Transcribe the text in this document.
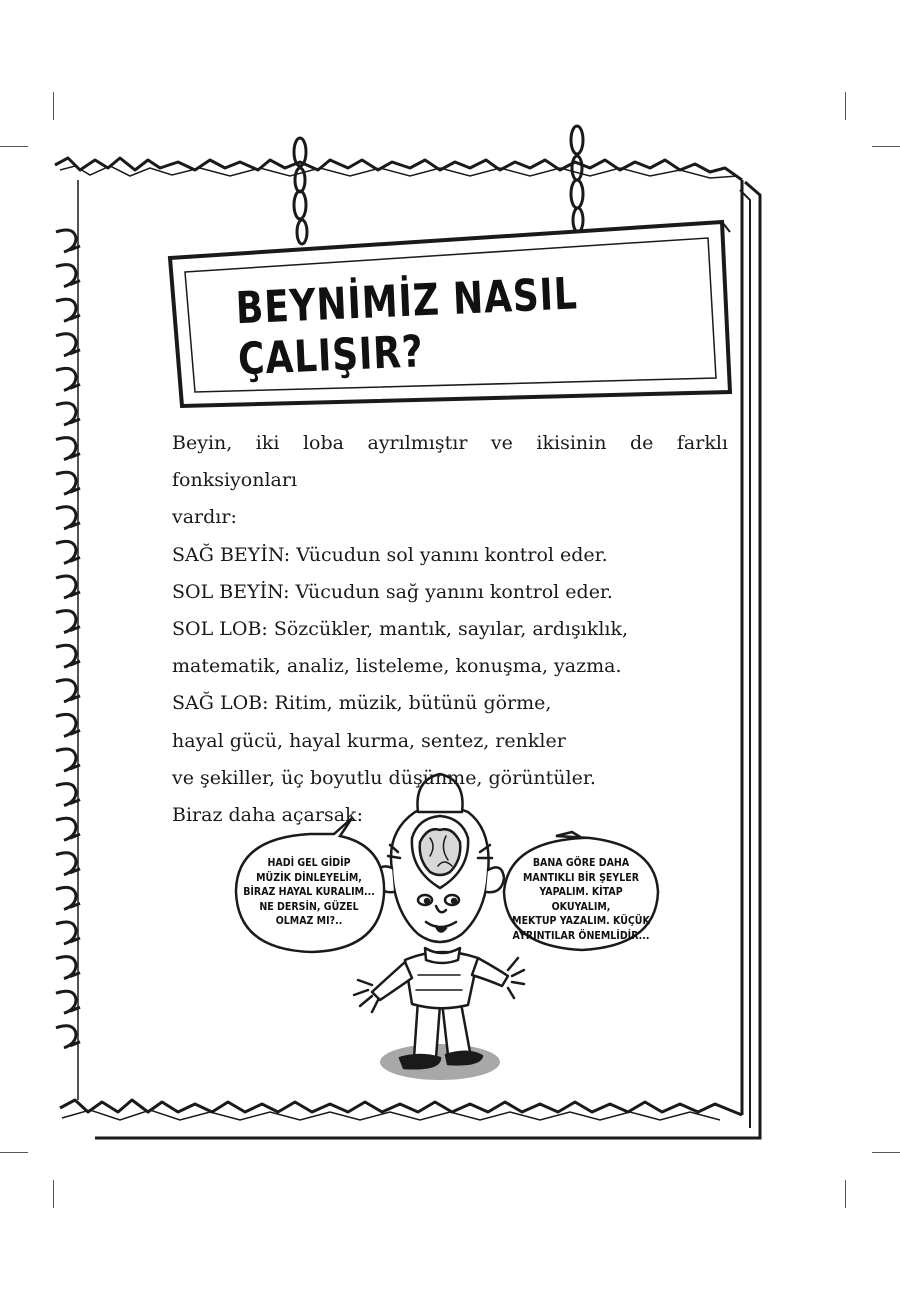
BEYNİMİZ NASIL ÇALIŞIR?

Beyin, iki loba ayrılmıştır ve ikisinin de farklı fonksiyonları

vardır:

SAĞ BEYİN: Vücudun sol yanını kontrol eder.

SOL BEYİN: Vücudun sağ yanını kontrol eder.

SOL LOB: Sözcükler, mantık, sayılar, ardışıklık,

matematik, analiz, listeleme, konuşma, yazma.

SAĞ LOB: Ritim, müzik, bütünü görme,

hayal gücü, hayal kurma, sentez, renkler

ve şekiller, üç boyutlu düşünme, görüntüler.

Biraz daha açarsak:

HADİ GEL GİDİP
MÜZİK DİNLEYELİM,
BİRAZ HAYAL KURALIM...
NE DERSİN, GÜZEL
OLMAZ MI?..
BANA GÖRE DAHA
MANTIKLI BİR ŞEYLER
YAPALIM. KİTAP OKUYALIM,
MEKTUP YAZALIM. KÜÇÜK
AYRINTILAR ÖNEMLİDİR...
